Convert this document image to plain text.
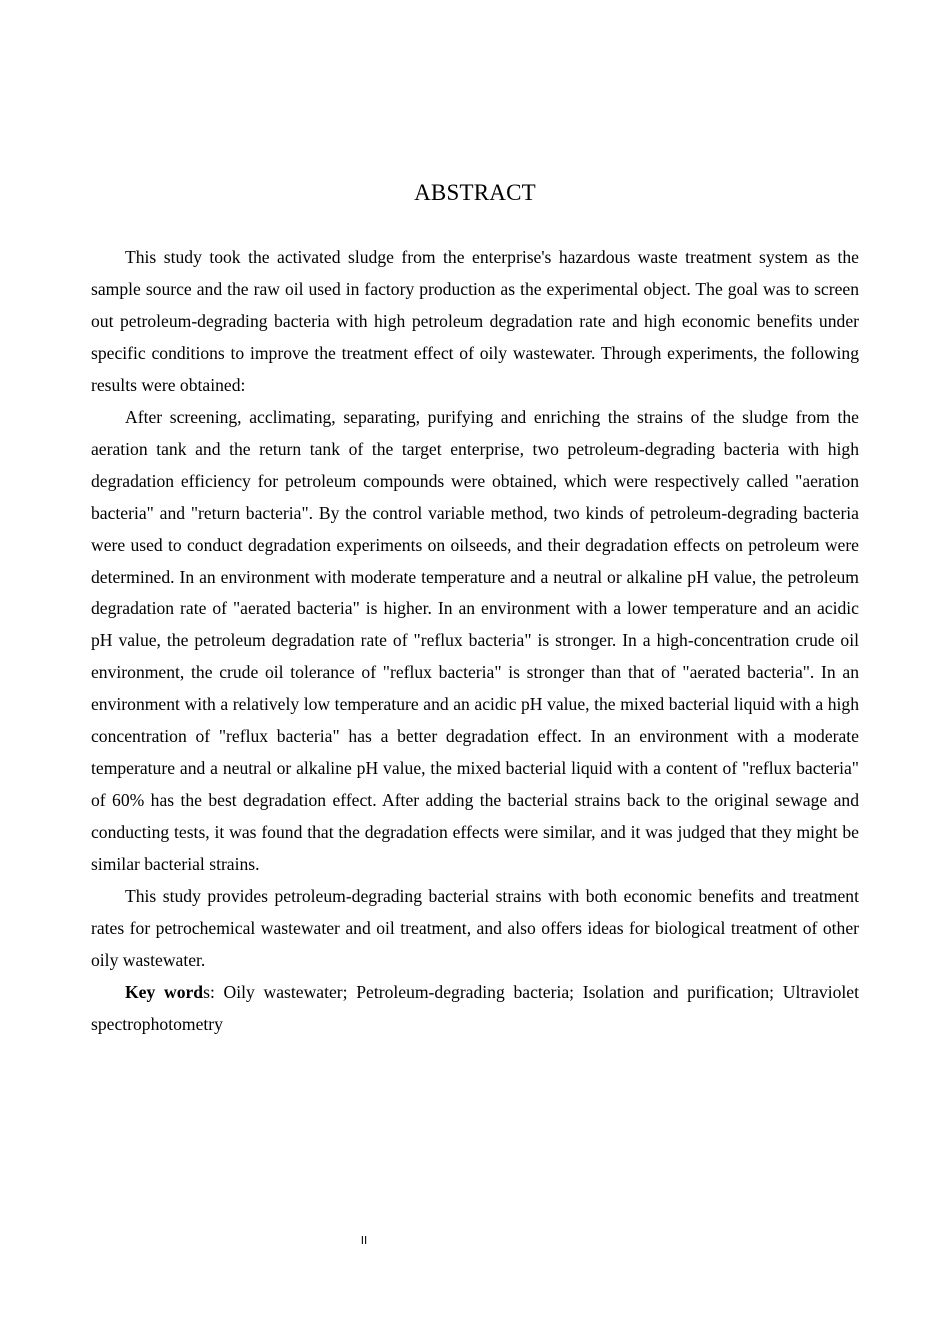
ABSTRACT

This study took the activated sludge from the enterprise's hazardous waste treatment system as the sample source and the raw oil used in factory production as the experimental object. The goal was to screen out petroleum-degrading bacteria with high petroleum degradation rate and high economic benefits under specific conditions to improve the treatment effect of oily wastewater. Through experiments, the following results were obtained:

After screening, acclimating, separating, purifying and enriching the strains of the sludge from the aeration tank and the return tank of the target enterprise, two petroleum-degrading bacteria with high degradation efficiency for petroleum compounds were obtained, which were respectively called "aeration bacteria" and "return bacteria". By the control variable method, two kinds of petroleum-degrading bacteria were used to conduct degradation experiments on oilseeds, and their degradation effects on petroleum were determined. In an environment with moderate temperature and a neutral or alkaline pH value, the petroleum degradation rate of "aerated bacteria" is higher. In an environment with a lower temperature and an acidic pH value, the petroleum degradation rate of "reflux bacteria" is stronger. In a high-concentration crude oil environment, the crude oil tolerance of "reflux bacteria" is stronger than that of "aerated bacteria". In an environment with a relatively low temperature and an acidic pH value, the mixed bacterial liquid with a high concentration of "reflux bacteria" has a better degradation effect. In an environment with a moderate temperature and a neutral or alkaline pH value, the mixed bacterial liquid with a content of "reflux bacteria" of 60% has the best degradation effect. After adding the bacterial strains back to the original sewage and conducting tests, it was found that the degradation effects were similar, and it was judged that they might be similar bacterial strains.

This study provides petroleum-degrading bacterial strains with both economic benefits and treatment rates for petrochemical wastewater and oil treatment, and also offers ideas for biological treatment of other oily wastewater.

Key words: Oily wastewater; Petroleum-degrading bacteria; Isolation and purification; Ultraviolet spectrophotometry

II
